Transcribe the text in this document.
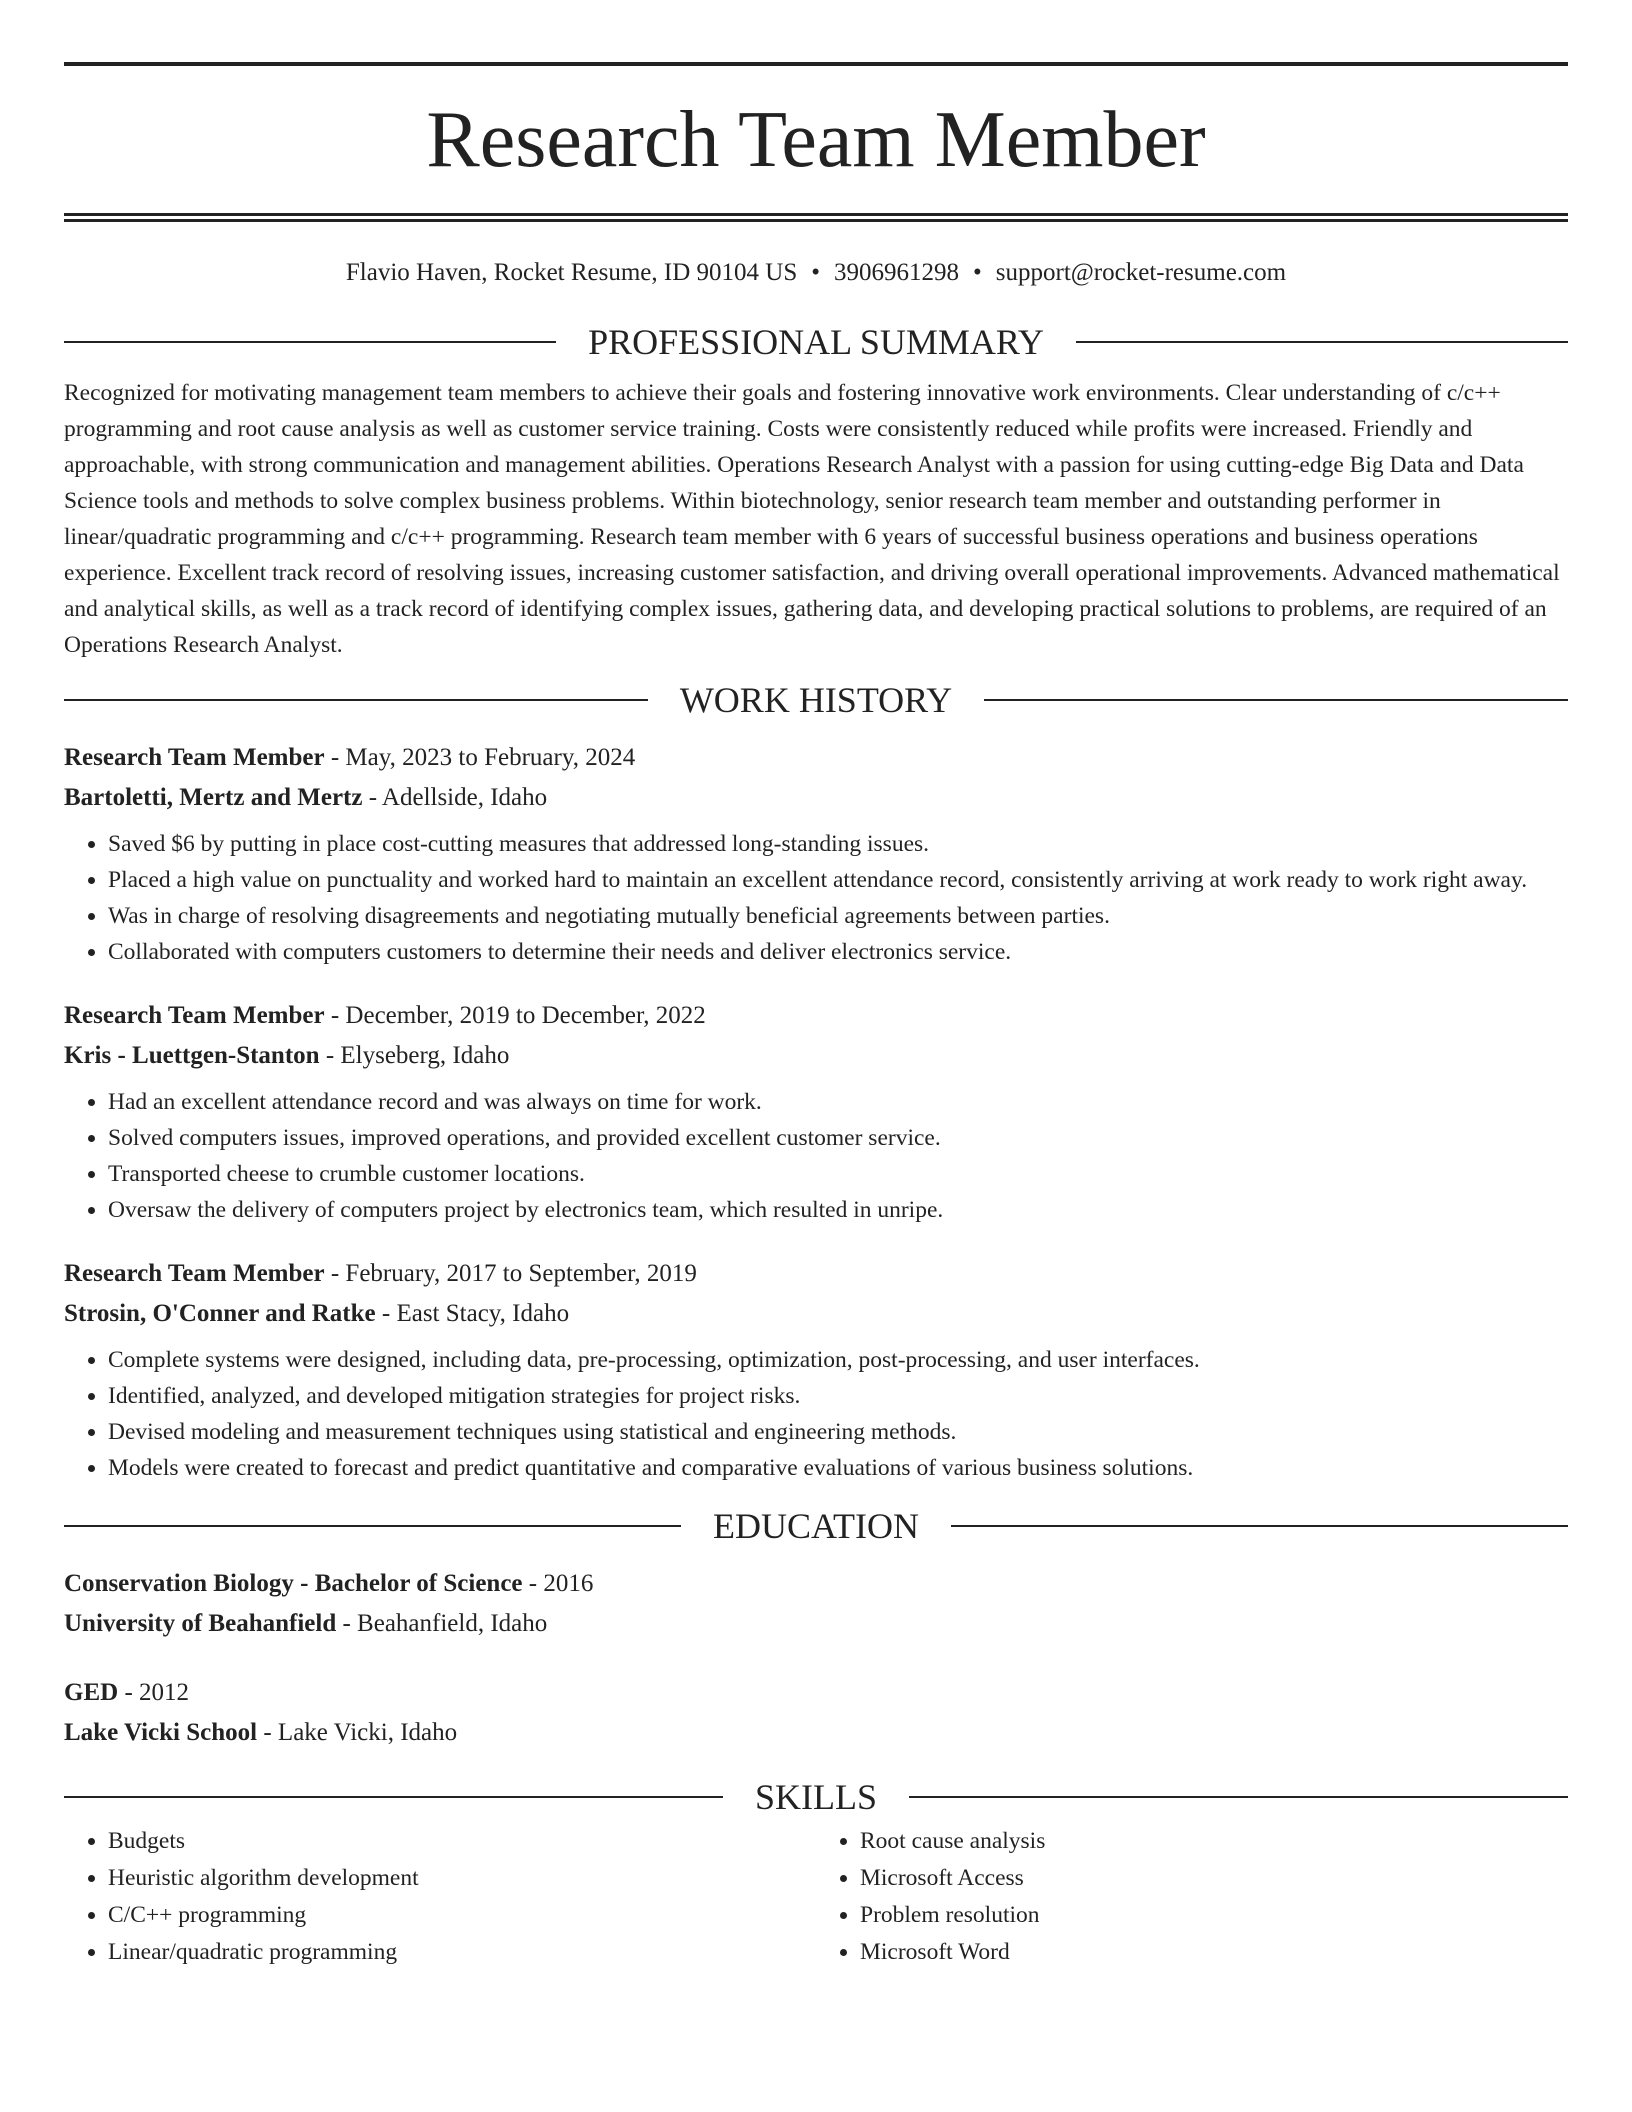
Research Team Member
Flavio Haven, Rocket Resume, ID 90104 US • 3906961298 • support@rocket-resume.com
PROFESSIONAL SUMMARY
Recognized for motivating management team members to achieve their goals and fostering innovative work environments. Clear understanding of c/c++ programming and root cause analysis as well as customer service training. Costs were consistently reduced while profits were increased. Friendly and approachable, with strong communication and management abilities. Operations Research Analyst with a passion for using cutting-edge Big Data and Data Science tools and methods to solve complex business problems. Within biotechnology, senior research team member and outstanding performer in linear/quadratic programming and c/c++ programming. Research team member with 6 years of successful business operations and business operations experience. Excellent track record of resolving issues, increasing customer satisfaction, and driving overall operational improvements. Advanced mathematical and analytical skills, as well as a track record of identifying complex issues, gathering data, and developing practical solutions to problems, are required of an Operations Research Analyst.
WORK HISTORY
Research Team Member - May, 2023 to February, 2024
Bartoletti, Mertz and Mertz - Adellside, Idaho
• Saved $6 by putting in place cost-cutting measures that addressed long-standing issues.
• Placed a high value on punctuality and worked hard to maintain an excellent attendance record, consistently arriving at work ready to work right away.
• Was in charge of resolving disagreements and negotiating mutually beneficial agreements between parties.
• Collaborated with computers customers to determine their needs and deliver electronics service.
Research Team Member - December, 2019 to December, 2022
Kris - Luettgen-Stanton - Elyseberg, Idaho
• Had an excellent attendance record and was always on time for work.
• Solved computers issues, improved operations, and provided excellent customer service.
• Transported cheese to crumble customer locations.
• Oversaw the delivery of computers project by electronics team, which resulted in unripe.
Research Team Member - February, 2017 to September, 2019
Strosin, O'Conner and Ratke - East Stacy, Idaho
• Complete systems were designed, including data, pre-processing, optimization, post-processing, and user interfaces.
• Identified, analyzed, and developed mitigation strategies for project risks.
• Devised modeling and measurement techniques using statistical and engineering methods.
• Models were created to forecast and predict quantitative and comparative evaluations of various business solutions.
EDUCATION
Conservation Biology - Bachelor of Science - 2016
University of Beahanfield - Beahanfield, Idaho
GED - 2012
Lake Vicki School - Lake Vicki, Idaho
SKILLS
• Budgets
• Heuristic algorithm development
• C/C++ programming
• Linear/quadratic programming
• Root cause analysis
• Microsoft Access
• Problem resolution
• Microsoft Word
